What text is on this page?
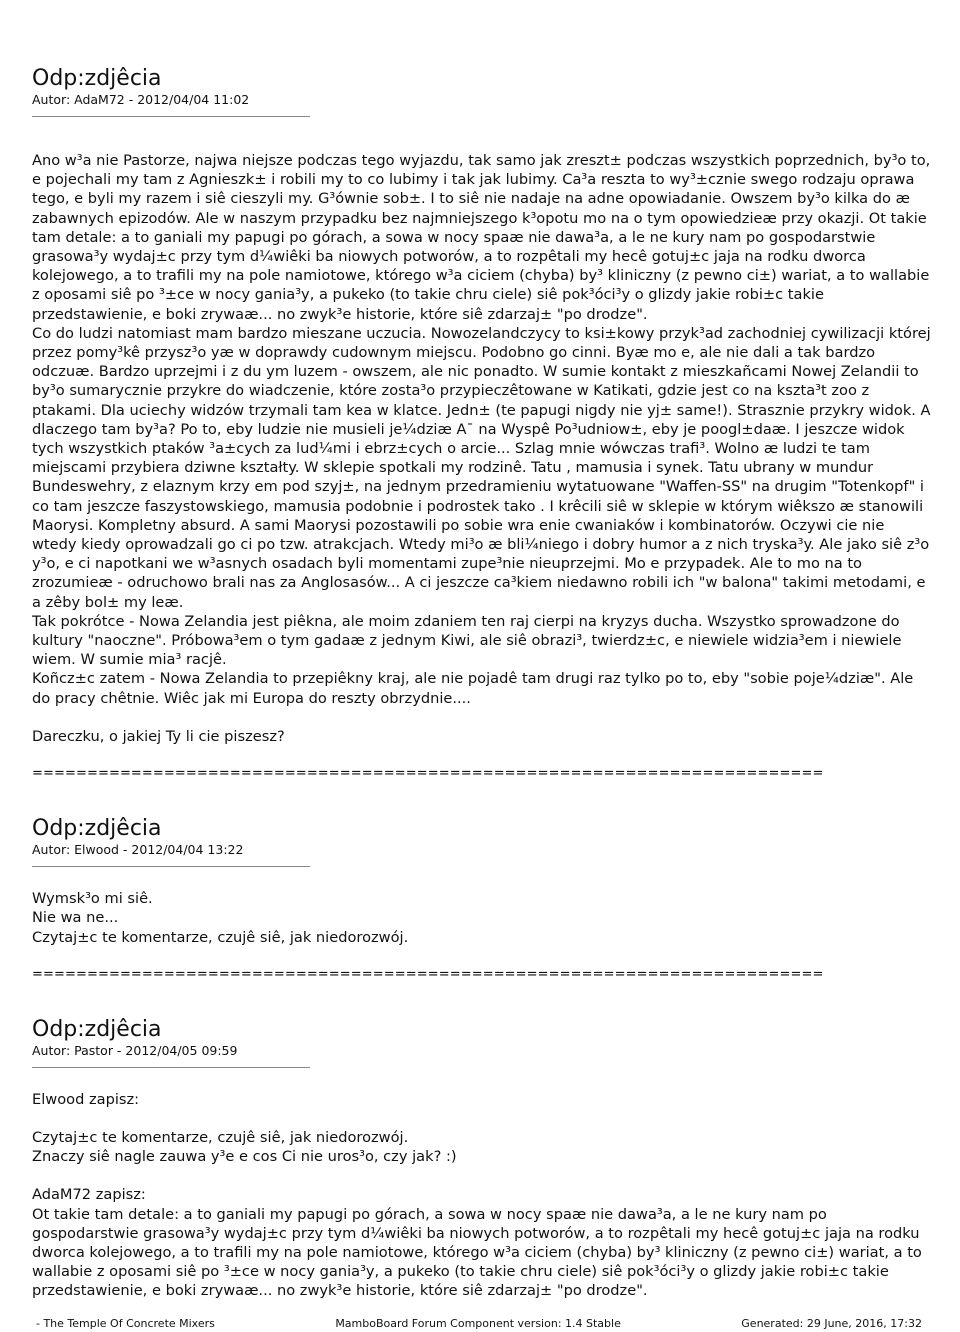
Odp:zdjêcia
Autor: AdaM72 - 2012/04/04 11:02

Ano w³a nie Pastorze, najwa niejsze podczas tego wyjazdu, tak samo jak zreszt± podczas wszystkich poprzednich, by³o to, e pojechali my tam z Agnieszk± i robili my to co lubimy i tak jak lubimy. Ca³a reszta to wy³±cznie swego rodzaju oprawa tego, e byli my razem i siê cieszyli my. G³ównie sob±. I to siê nie nadaje na adne opowiadanie. Owszem by³o kilka do æ zabawnych epizodów. Ale w naszym przypadku bez najmniejszego k³opotu mo na o tym opowiedzieæ przy okazji. Ot takie tam detale: a to ganiali my papugi po górach, a sowa w nocy spaæ nie dawa³a, a le ne kury nam po gospodarstwie grasowa³y wydaj±c przy tym d¼wiêki ba niowych potworów, a to rozpêtali my hecê gotuj±c jaja na rodku dworca kolejowego, a to trafili my na pole namiotowe, którego w³a ciciem (chyba) by³ kliniczny (z pewno ci±) wariat, a to wallabie z oposami siê po ³±ce w nocy gania³y, a pukeko (to takie chru ciele) siê pok³óci³y o glizdy jakie robi±c takie przedstawienie, e boki zrywaæ... no zwyk³e historie, które siê zdarzaj± "po drodze".

Co do ludzi natomiast mam bardzo mieszane uczucia. Nowozelandczycy to ksi±kowy przyk³ad zachodniej cywilizacji której przez pomy³kê przysz³o yæ w doprawdy cudownym miejscu. Podobno go cinni. Byæ mo e, ale nie dali a tak bardzo odczuæ. Bardzo uprzejmi i z du ym luzem - owszem, ale nic ponadto. W sumie kontakt z mieszkañcami Nowej Zelandii to by³o sumarycznie przykre do wiadczenie, które zosta³o przypieczêtowane w Katikati, gdzie jest co na kszta³t zoo z ptakami. Dla uciechy widzów trzymali tam kea w klatce. Jedn± (te papugi nigdy nie yj± same!). Strasznie przykry widok. A dlaczego tam by³a? Po to, eby ludzie nie musieli je¼dziæ A¯ na Wyspê Po³udniow±, eby je poogl±daæ. I jeszcze widok tych wszystkich ptaków ³a±cych za lud¼mi i ebrz±cych o arcie... Szlag mnie wówczas trafi³. Wolno æ ludzi te tam miejscami przybiera dziwne kształty. W sklepie spotkali my rodzinê. Tatu , mamusia i synek. Tatu ubrany w mundur Bundeswehry, z elaznym krzy em pod szyj±, na jednym przedramieniu wytatuowane "Waffen-SS" na drugim "Totenkopf" i co tam jeszcze faszystowskiego, mamusia podobnie i podrostek tako . I krêcili siê w sklepie w którym wiêkszo æ stanowili Maorysi. Kompletny absurd. A sami Maorysi pozostawili po sobie wra enie cwaniaków i kombinatorów. Oczywi cie nie wtedy kiedy oprowadzali go ci po tzw. atrakcjach. Wtedy mi³o æ bli¼niego i dobry humor a z nich tryska³y. Ale jako siê z³o y³o, e ci napotkani we w³asnych osadach byli momentami zupe³nie nieuprzejmi. Mo e przypadek. Ale to mo na to zrozumieæ - odruchowo brali nas za Anglosasów... A ci jeszcze ca³kiem niedawno robili ich "w balona" takimi metodami, e a zêby bol± my leæ.

Tak pokrótce - Nowa Zelandia jest piêkna, ale moim zdaniem ten raj cierpi na kryzys ducha. Wszystko sprowadzone do kultury "naoczne". Próbowa³em o tym gadaæ z jednym Kiwi, ale siê obrazi³, twierdz±c, e niewiele widzia³em i niewiele wiem. W sumie mia³ racjê.

Koñcz±c zatem - Nowa Zelandia to przepiêkny kraj, ale nie pojadê tam drugi raz tylko po to, eby "sobie poje¼dziæ". Ale do pracy chêtnie. Wiêc jak mi Europa do reszty obrzydnie....

Dareczku, o jakiej Ty li cie piszesz?

========================================================================
Odp:zdjêcia
Autor: Elwood - 2012/04/04 13:22

Wymsk³o mi siê.

Nie wa ne...

Czytaj±c te komentarze, czujê siê, jak niedorozwój.

========================================================================
Odp:zdjêcia
Autor: Pastor - 2012/04/05 09:59

Elwood zapisz:

Czytaj±c te komentarze, czujê siê, jak niedorozwój.

Znaczy siê nagle zauwa y³e e cos Ci nie uros³o, czy jak? :)

AdaM72 zapisz:

Ot takie tam detale: a to ganiali my papugi po górach, a sowa w nocy spaæ nie dawa³a, a le ne kury nam po gospodarstwie grasowa³y wydaj±c przy tym d¼wiêki ba niowych potworów, a to rozpêtali my hecê gotuj±c jaja na rodku dworca kolejowego, a to trafili my na pole namiotowe, którego w³a ciciem (chyba) by³ kliniczny (z pewno ci±) wariat, a to wallabie z oposami siê po ³±ce w nocy gania³y, a pukeko (to takie chru ciele) siê pok³óci³y o glizdy jakie robi±c takie przedstawienie, e boki zrywaæ... no zwyk³e historie, które siê zdarzaj± "po drodze".

- The Temple Of Concrete Mixers	MamboBoard Forum Component version: 1.4 Stable	Generated: 29 June, 2016, 17:32
